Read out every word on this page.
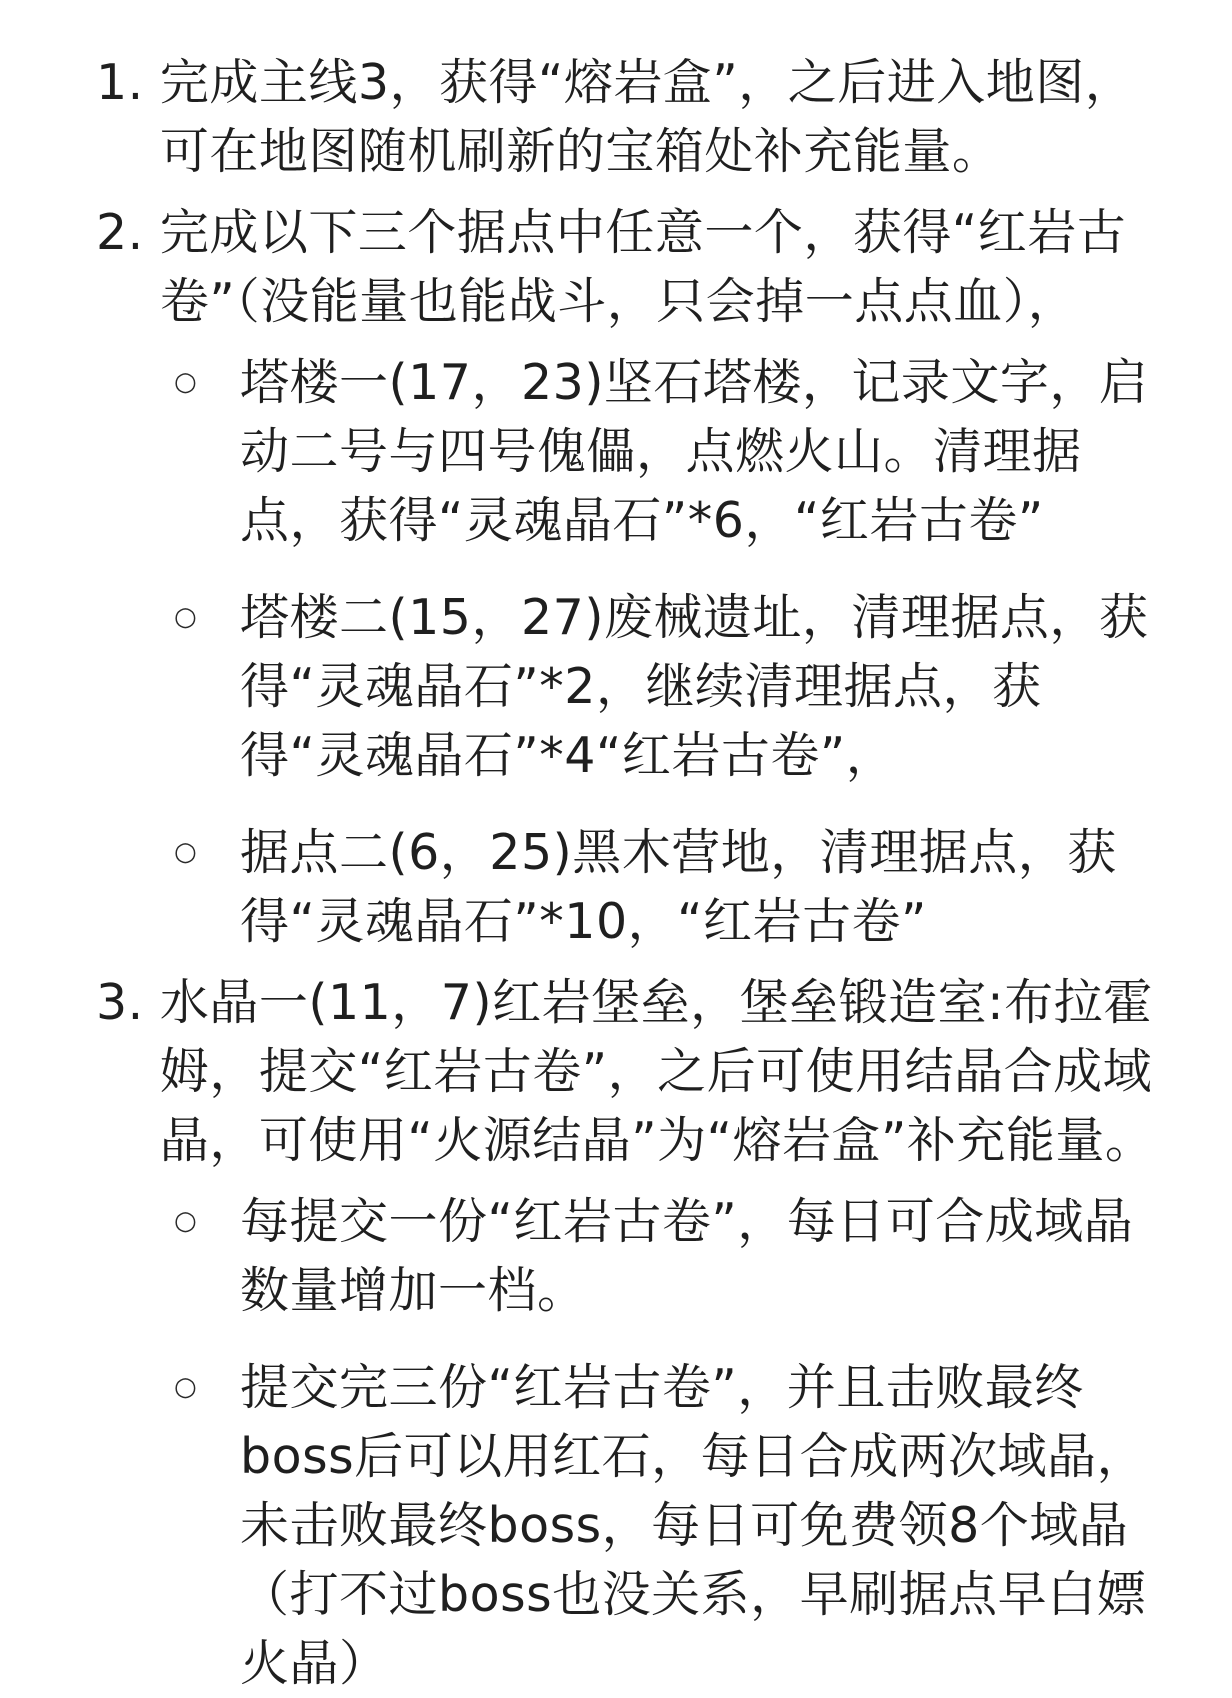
1. 完成主线3，获得“熔岩盒”，之后进入地图，可在地图随机刷新的宝箱处补充能量。
2. 完成以下三个据点中任意一个，获得“红岩古卷”（没能量也能战斗，只会掉一点点血），
○ 塔楼一(17，23)坚石塔楼，记录文字，启动二号与四号傀儡，点燃火山。清理据点，获得“灵魂晶石”*6，“红岩古卷”
○ 塔楼二(15，27)废械遗址，清理据点，获得“灵魂晶石”*2，继续清理据点，获得“灵魂晶石”*4“红岩古卷”，
○ 据点二(6，25)黑木营地，清理据点，获得“灵魂晶石”*10，“红岩古卷”
3. 水晶一(11，7)红岩堡垒，堡垒锻造室:布拉霍姆，提交“红岩古卷”，之后可使用结晶合成域晶，可使用“火源结晶”为“熔岩盒”补充能量。
○ 每提交一份“红岩古卷”，每日可合成域晶数量增加一档。
○ 提交完三份“红岩古卷”，并且击败最终boss后可以用红石，每日合成两次域晶，未击败最终boss，每日可免费领8个域晶（打不过boss也没关系，早刷据点早白嫖火晶）
